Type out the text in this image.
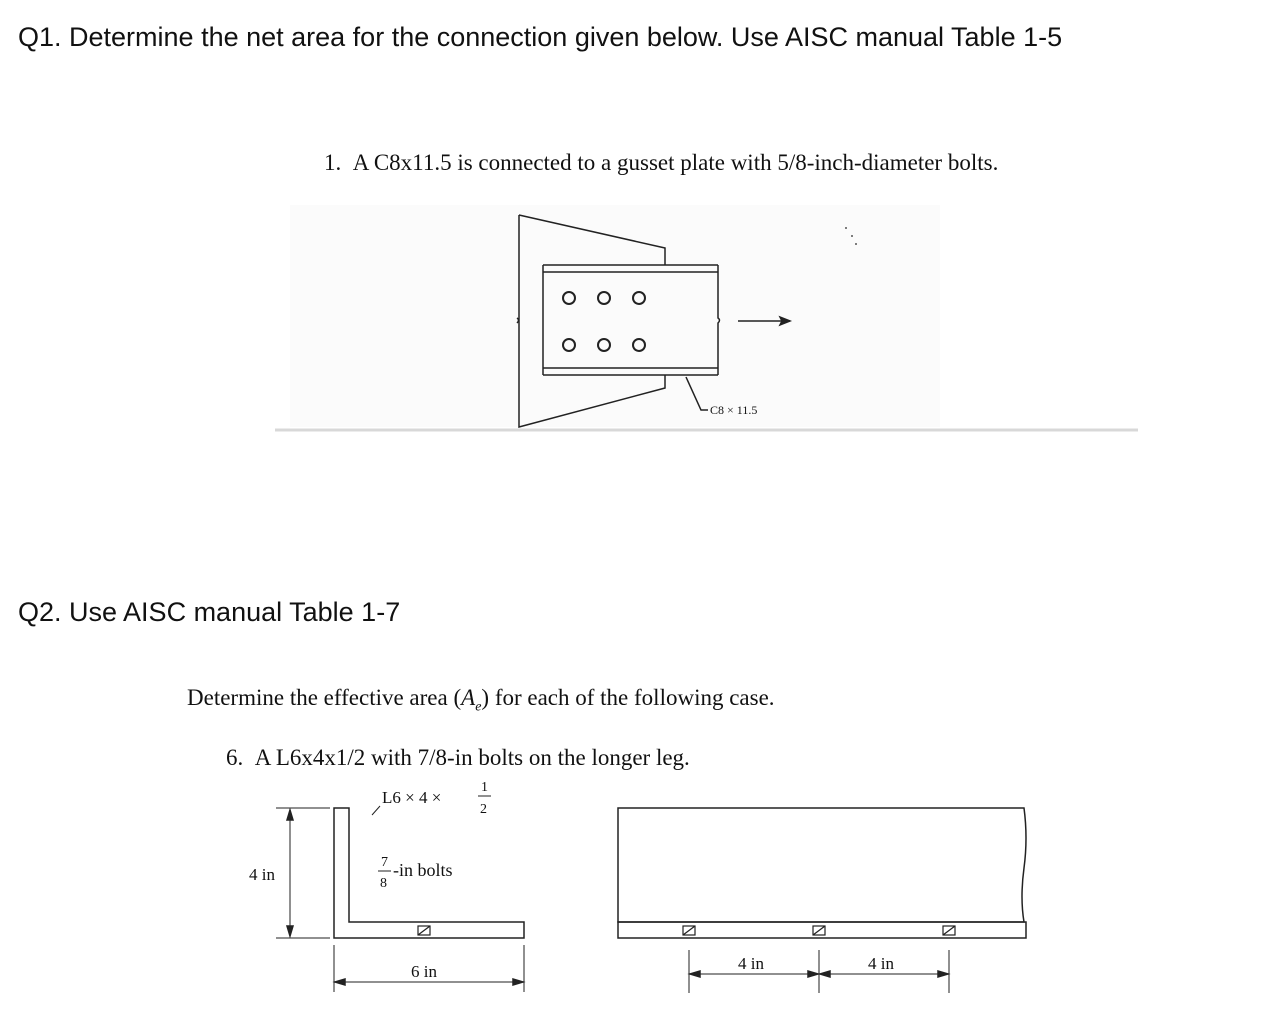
Q1. Determine the net area for the connection given below. Use AISC manual Table 1-5
1. A C8x11.5 is connected to a gusset plate with 5/8-inch-diameter bolts.
C8 × 11.5
4 in
6 in
L6 × 4 ×
1
2
7
8
-in bolts
4 in	4 in
Q2. Use AISC manual Table 1-7
Determine the effective area $(A_e)$ for each of the following case.
6. A L6x4x1/2 with 7/8-in bolts on the longer leg.
